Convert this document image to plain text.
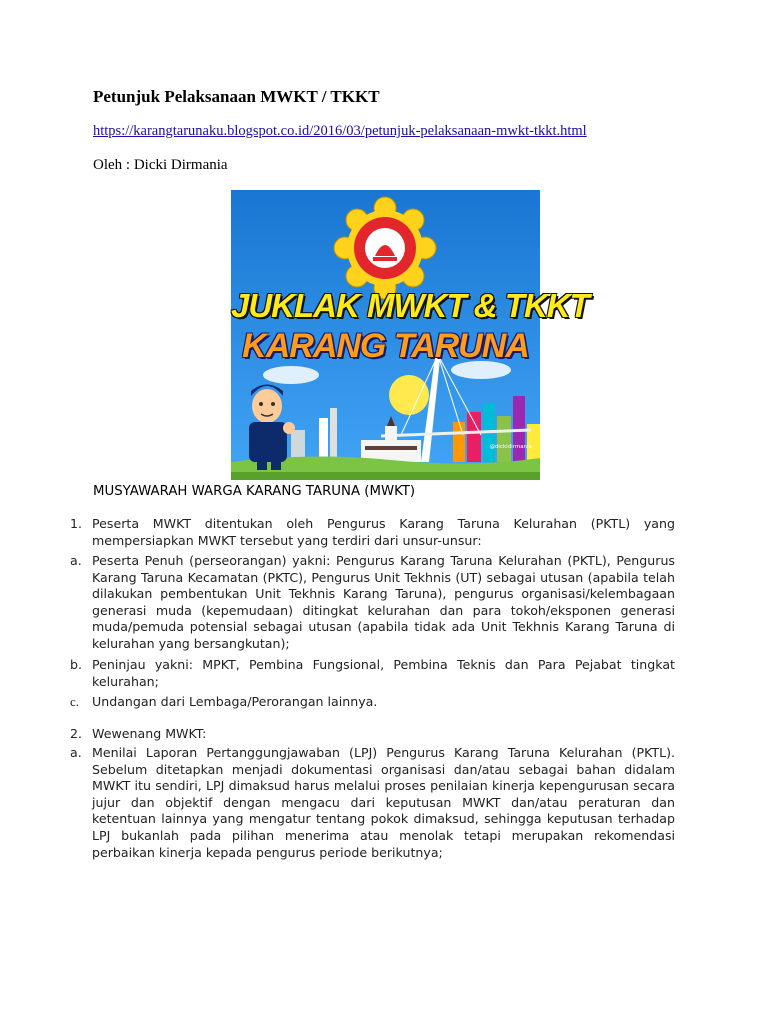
Petunjuk Pelaksanaan MWKT / TKKT
https://karangtarunaku.blogspot.co.id/2016/03/petunjuk-pelaksanaan-mwkt-tkkt.html
Oleh : Dicki Dirmania
JUKLAK MWKT & TKKT
KARANG TARUNA
@dickidirmania
MUSYAWARAH WARGA KARANG TARUNA (MWKT)
1. Peserta MWKT ditentukan oleh Pengurus Karang Taruna Kelurahan (PKTL) yang mempersiapkan MWKT tersebut yang terdiri dari unsur-unsur:
a. Peserta Penuh (perseorangan) yakni: Pengurus Karang Taruna Kelurahan (PKTL), Pengurus Karang Taruna Kecamatan (PKTC), Pengurus Unit Tekhnis (UT) sebagai utusan (apabila telah dilakukan pembentukan Unit Tekhnis Karang Taruna), pengurus organisasi/kelembagaan generasi muda (kepemudaan) ditingkat kelurahan dan para tokoh/eksponen generasi muda/pemuda potensial sebagai utusan (apabila tidak ada Unit Tekhnis Karang Taruna di kelurahan yang bersangkutan);
b. Peninjau yakni: MPKT, Pembina Fungsional, Pembina Teknis dan Para Pejabat tingkat kelurahan;
c. Undangan dari Lembaga/Perorangan lainnya.
2. Wewenang MWKT:
a. Menilai Laporan Pertanggungjawaban (LPJ) Pengurus Karang Taruna Kelurahan (PKTL). Sebelum ditetapkan menjadi dokumentasi organisasi dan/atau sebagai bahan didalam MWKT itu sendiri, LPJ dimaksud harus melalui proses penilaian kinerja kepengurusan secara jujur dan objektif dengan mengacu dari keputusan MWKT dan/atau peraturan dan ketentuan lainnya yang mengatur tentang pokok dimaksud, sehingga keputusan terhadap LPJ bukanlah pada pilihan menerima atau menolak tetapi merupakan rekomendasi perbaikan kinerja kepada pengurus periode berikutnya;
